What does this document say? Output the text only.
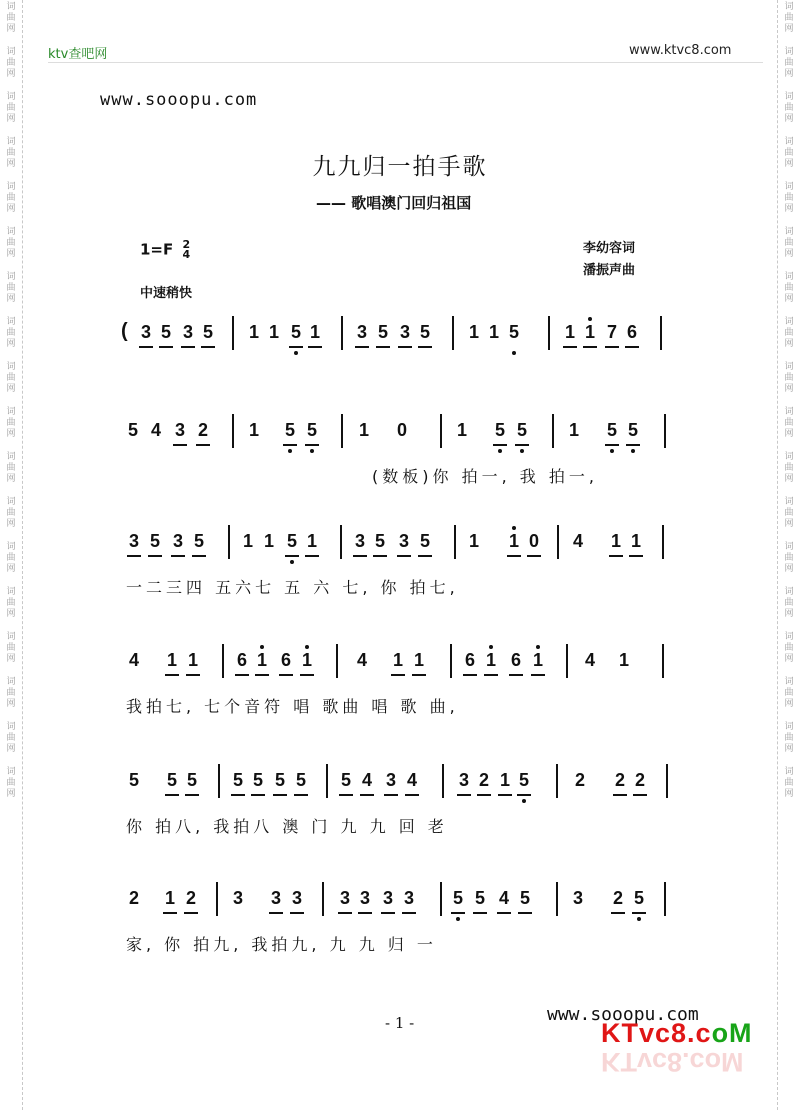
词
曲
网
词
曲
网
词
曲
网
词
曲
网
词
曲
网
词
曲
网
词
曲
网
词
曲
网
词
曲
网
词
曲
网
词
曲
网
词
曲
网
词
曲
网
词
曲
网
词
曲
网
词
曲
网
词
曲
网
词
曲
网
词
曲
网
词
曲
网
词
曲
网
词
曲
网
词
曲
网
词
曲
网
词
曲
网
词
曲
网
词
曲
网
词
曲
网
词
曲
网
词
曲
网
词
曲
网
词
曲
网
词
曲
网
词
曲
网
词
曲
网
词
曲
网
ktv查吧网	www.ktvc8.com
www.sooopu.com
九九归一拍手歌
—— 歌唱澳门回归祖国
1=F 2
4	李幼容词
潘振声曲
中速稍快
( 3 5 3 5 1 1 5 1 3 5 3 5 1 1 5	1 1 7 6
5 4 3 2 1 5 5 1 0	1 5 5 1 5 5
(数板)你 拍一, 我 拍一,
3 5 3 5 1 1 5 1 3 5 3 5 1 1 0 4 1 1
一二三四 五六七 五 六 七, 你 拍七,
4 1 1 6 1 6 1 4 1 1 6 1 6 1 4 1
我拍七, 七个音符 唱 歌曲 唱 歌 曲,
5 5 5 5 5 5 5 5 4 3 4 3 2 1 5	2 2 2
你 拍八, 我拍八 澳 门 九 九 回 老
2 1 2 3 3 3 3 3 3 3 5 5 4 5 3 2 5
家, 你 拍九, 我拍九, 九 九 归 一
- 1 -	www.sooopu.com
KTvc8.coM
KTvc8.coM
